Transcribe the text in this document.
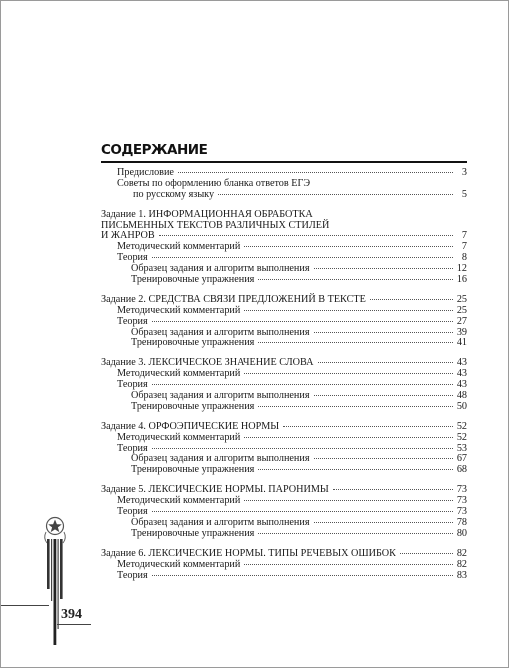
СОДЕРЖАНИЕ
Предисловие	3
Советы по оформлению бланка ответов ЕГЭ
по русскому языку	5
Задание 1. ИНФОРМАЦИОННАЯ ОБРАБОТКА
ПИСЬМЕННЫХ ТЕКСТОВ РАЗЛИЧНЫХ СТИЛЕЙ
И ЖАНРОВ	7
Методический комментарий	7
Теория	8
Образец задания и алгоритм выполнения	12
Тренировочные упражнения	16
Задание 2. СРЕДСТВА СВЯЗИ ПРЕДЛОЖЕНИЙ В ТЕКСТЕ	25
Методический комментарий	25
Теория	27
Образец задания и алгоритм выполнения	39
Тренировочные упражнения	41
Задание 3. ЛЕКСИЧЕСКОЕ ЗНАЧЕНИЕ СЛОВА	43
Методический комментарий	43
Теория	43
Образец задания и алгоритм выполнения	48
Тренировочные упражнения	50
Задание 4. ОРФОЭПИЧЕСКИЕ НОРМЫ	52
Методический комментарий	52
Теория	53
Образец задания и алгоритм выполнения	67
Тренировочные упражнения	68
Задание 5. ЛЕКСИЧЕСКИЕ НОРМЫ. ПАРОНИМЫ	73
Методический комментарий	73
Теория	73
Образец задания и алгоритм выполнения	78
Тренировочные упражнения	80
Задание 6. ЛЕКСИЧЕСКИЕ НОРМЫ. ТИПЫ РЕЧЕВЫХ ОШИБОК	82
Методический комментарий	82
Теория	83
394
